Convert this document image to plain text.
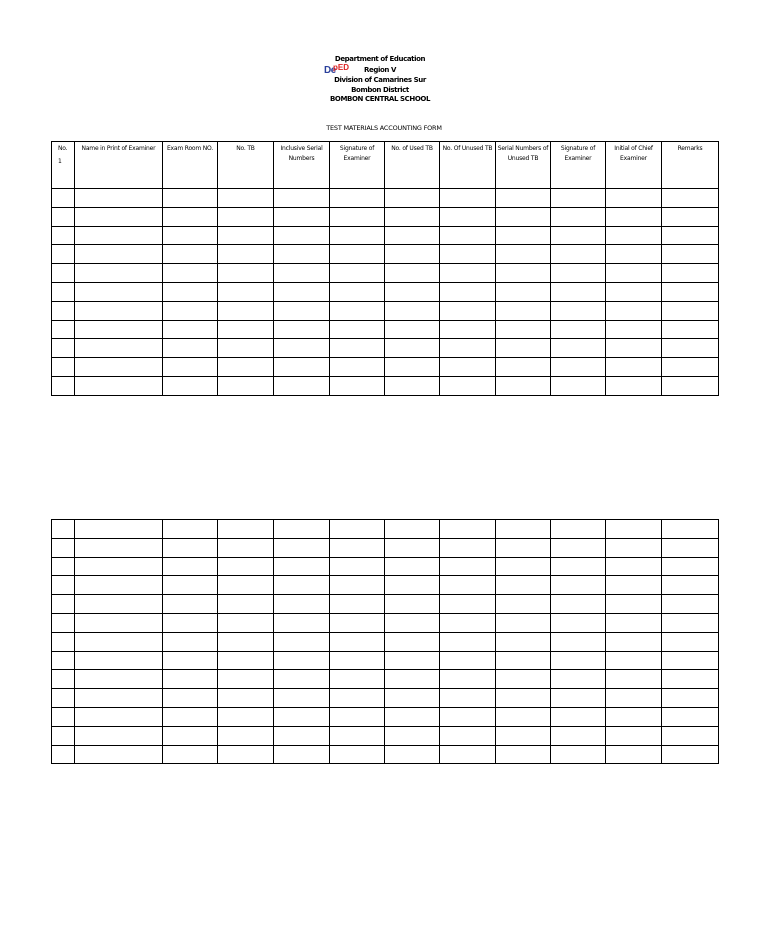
De
pED
Department of Education
Region V
Division of Camarines Sur
Bombon District
BOMBON CENTRAL SCHOOL
TEST MATERIALS ACCOUNTING FORM
No.
1	Name in Print of Examiner	Exam Room NO.	No. TB	Inclusive Serial Numbers	Signature of Examiner	No. of Used TB	No. Of Unused TB	Serial Numbers of Unused TB	Signature of Examiner	Initial of Chief Examiner	Remarks
